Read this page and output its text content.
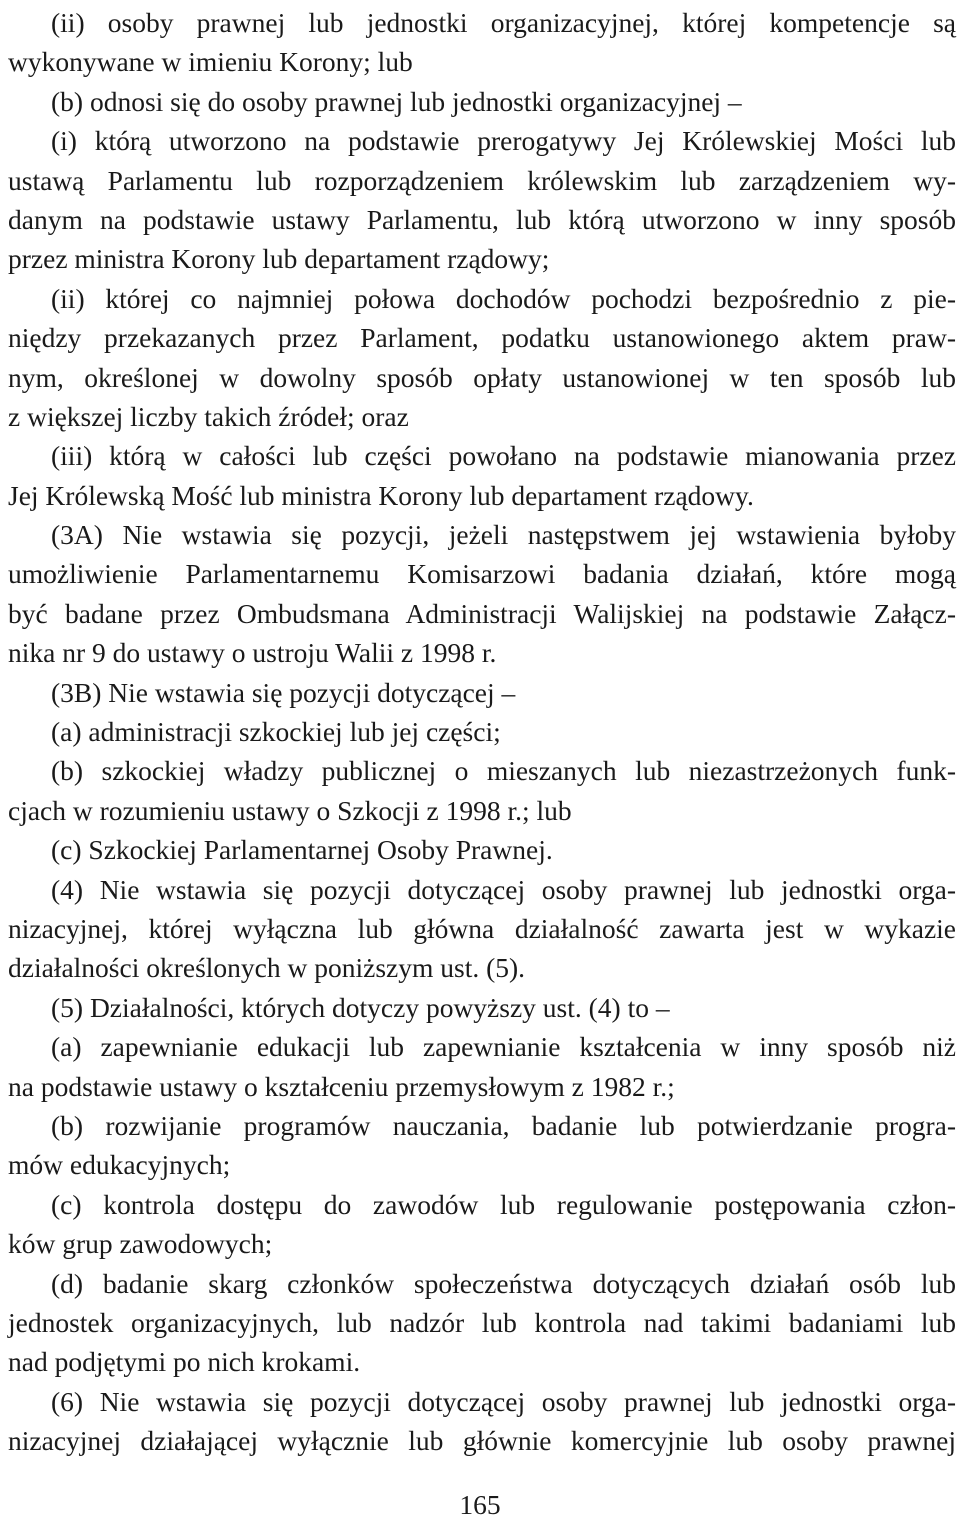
(ii) osoby prawnej lub jednostki organizacyjnej, której kompetencje są
wykonywane w imieniu Korony; lub
(b) odnosi się do osoby prawnej lub jednostki organizacyjnej –
(i) którą utworzono na podstawie prerogatywy Jej Królewskiej Mości lub
ustawą Parlamentu lub rozporządzeniem królewskim lub zarządzeniem wy-
danym na podstawie ustawy Parlamentu, lub którą utworzono w inny sposób
przez ministra Korony lub departament rządowy;
(ii) której co najmniej połowa dochodów pochodzi bezpośrednio z pie-
niędzy przekazanych przez Parlament, podatku ustanowionego aktem praw-
nym, określonej w dowolny sposób opłaty ustanowionej w ten sposób lub
z większej liczby takich źródeł; oraz
(iii) którą w całości lub części powołano na podstawie mianowania przez
Jej Królewską Mość lub ministra Korony lub departament rządowy.
(3A) Nie wstawia się pozycji, jeżeli następstwem jej wstawienia byłoby
umożliwienie Parlamentarnemu Komisarzowi badania działań, które mogą
być badane przez Ombudsmana Administracji Walijskiej na podstawie Załącz-
nika nr 9 do ustawy o ustroju Walii z 1998 r.
(3B) Nie wstawia się pozycji dotyczącej –
(a) administracji szkockiej lub jej części;
(b) szkockiej władzy publicznej o mieszanych lub niezastrzeżonych funk-
cjach w rozumieniu ustawy o Szkocji z 1998 r.; lub
(c) Szkockiej Parlamentarnej Osoby Prawnej.
(4) Nie wstawia się pozycji dotyczącej osoby prawnej lub jednostki orga-
nizacyjnej, której wyłączna lub główna działalność zawarta jest w wykazie
działalności określonych w poniższym ust. (5).
(5) Działalności, których dotyczy powyższy ust. (4) to –
(a) zapewnianie edukacji lub zapewnianie kształcenia w inny sposób niż
na podstawie ustawy o kształceniu przemysłowym z 1982 r.;
(b) rozwijanie programów nauczania, badanie lub potwierdzanie progra-
mów edukacyjnych;
(c) kontrola dostępu do zawodów lub regulowanie postępowania człon-
ków grup zawodowych;
(d) badanie skarg członków społeczeństwa dotyczących działań osób lub
jednostek organizacyjnych, lub nadzór lub kontrola nad takimi badaniami lub
nad podjętymi po nich krokami.
(6) Nie wstawia się pozycji dotyczącej osoby prawnej lub jednostki orga-
nizacyjnej działającej wyłącznie lub głównie komercyjnie lub osoby prawnej
165
